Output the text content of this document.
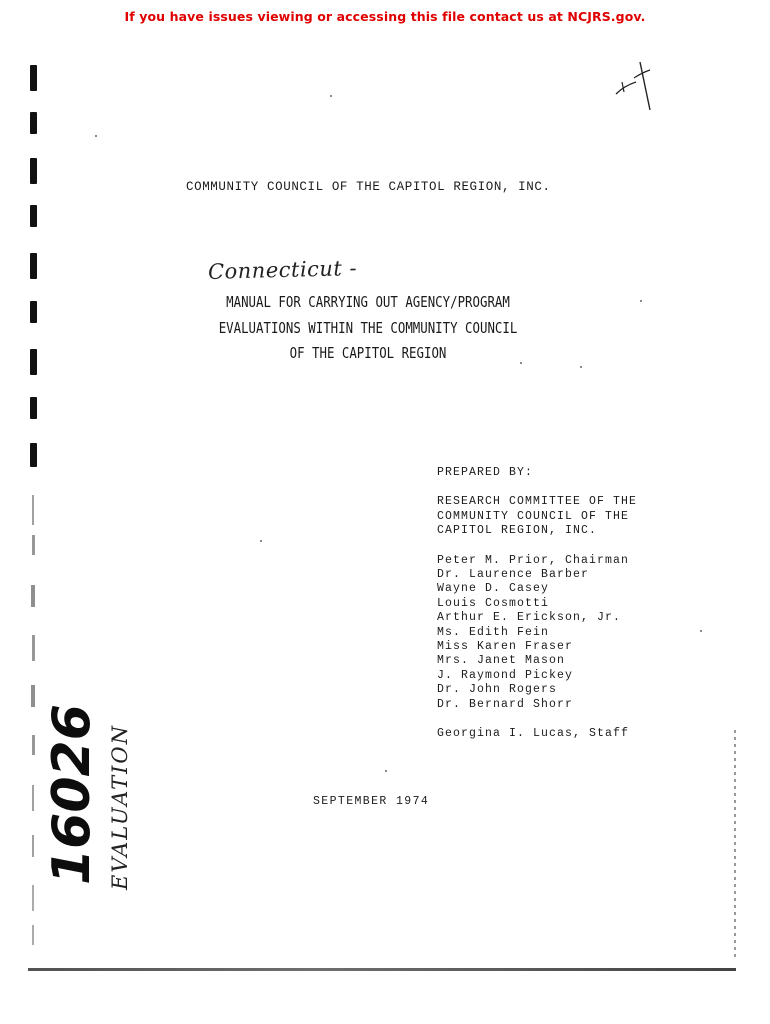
If you have issues viewing or accessing this file contact us at NCJRS.gov.
COMMUNITY COUNCIL OF THE CAPITOL REGION, INC.
Connecticut -
MANUAL FOR CARRYING OUT AGENCY/PROGRAM
EVALUATIONS WITHIN THE COMMUNITY COUNCIL
OF THE CAPITOL REGION
PREPARED BY:
RESEARCH COMMITTEE OF THE
COMMUNITY COUNCIL OF THE
CAPITOL REGION, INC.
Peter M. Prior, Chairman
Dr. Laurence Barber
Wayne D. Casey
Louis Cosmotti
Arthur E. Erickson, Jr.
Ms. Edith Fein
Miss Karen Fraser
Mrs. Janet Mason
J. Raymond Pickey
Dr. John Rogers
Dr. Bernard Shorr
Georgina I. Lucas, Staff
SEPTEMBER 1974
16026 EVALUATION
